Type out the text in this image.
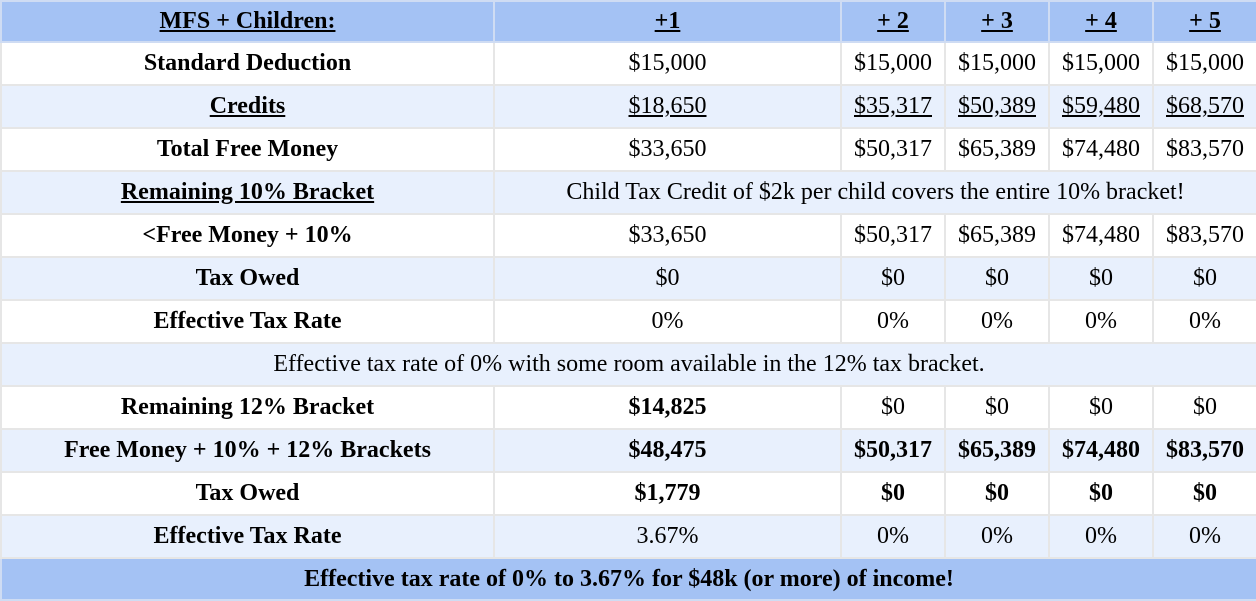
MFS + Children:	+1	+ 2	+ 3	+ 4	+ 5
Standard Deduction	$15,000	$15,000	$15,000	$15,000	$15,000
Credits	$18,650	$35,317	$50,389	$59,480	$68,570
Total Free Money	$33,650	$50,317	$65,389	$74,480	$83,570
Remaining 10% Bracket	Child Tax Credit of $2k per child covers the entire 10% bracket!				
<Free Money + 10%	$33,650	$50,317	$65,389	$74,480	$83,570
Tax Owed	$0	$0	$0	$0	$0
Effective Tax Rate	0%	0%	0%	0%	0%
Effective tax rate of 0% with some room available in the 12% tax bracket.					
Remaining 12% Bracket	$14,825	$0	$0	$0	$0
Free Money + 10% + 12% Brackets	$48,475	$50,317	$65,389	$74,480	$83,570
Tax Owed	$1,779	$0	$0	$0	$0
Effective Tax Rate	3.67%	0%	0%	0%	0%
Effective tax rate of 0% to 3.67% for $48k (or more) of income!					
